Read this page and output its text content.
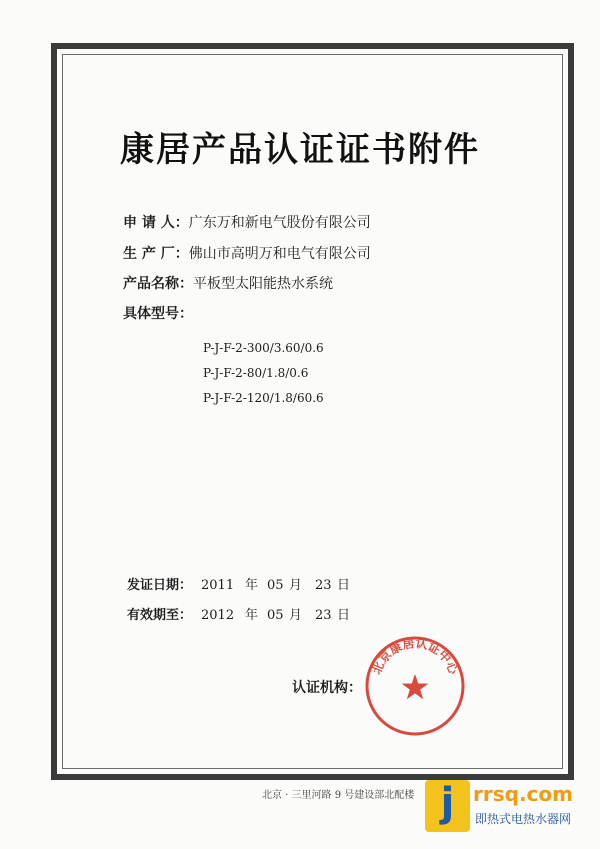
康居产品认证证书附件
申 请 人：广东万和新电气股份有限公司
生 产 厂：佛山市高明万和电气有限公司
产品名称：平板型太阳能热水系统
具体型号：
P-J-F-2-300/3.60/0.6
P-J-F-2-80/1.8/0.6
P-J-F-2-120/1.8/60.6
发证日期： 2011 年 05 月 23 日
有效期至： 2012 年 05 月 23 日
认证机构：
北京康居认证中心
北京 · 三里河路 9 号建设部北配楼 j rrsq.com
即热式电热水器网
